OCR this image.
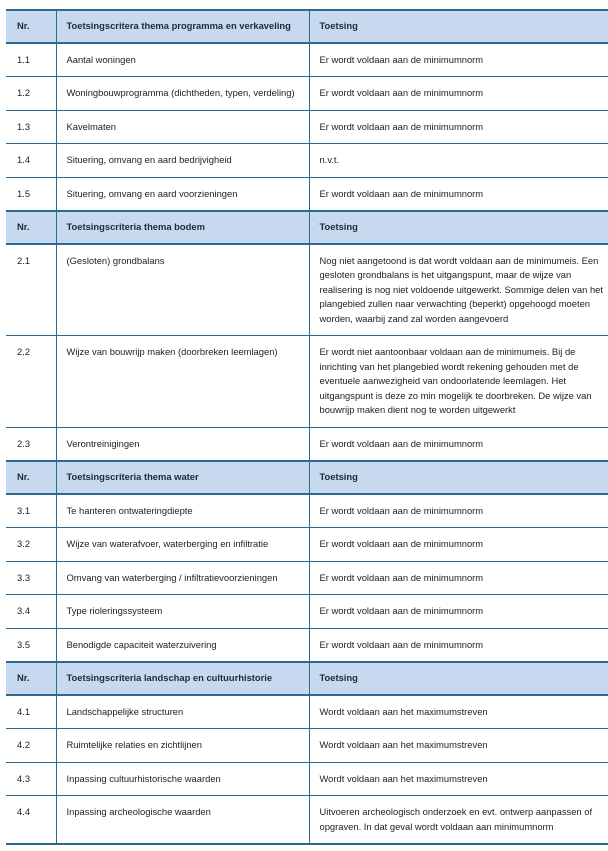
Nr.	Toetsingscritera thema programma en verkaveling	Toetsing
1.1	Aantal woningen	Er wordt voldaan aan de minimumnorm
1.2	Woningbouwprogramma (dichtheden, typen, verdeling)	Er wordt voldaan aan de minimumnorm
1.3	Kavelmaten	Er wordt voldaan aan de minimumnorm
1.4	Situering, omvang en aard bedrijvigheid	n.v.t.
1.5	Situering, omvang en aard voorzieningen	Er wordt voldaan aan de minimumnorm
Nr.	Toetsingscriteria thema bodem	Toetsing
2.1	(Gesloten) grondbalans	Nog niet aangetoond is dat wordt voldaan aan de minimumeis. Een gesloten grondbalans is het uitgangspunt, maar de wijze van realisering is nog niet voldoende uitgewerkt. Sommige delen van het plangebied zullen naar verwachting (beperkt) opgehoogd moeten worden, waarbij zand zal worden aangevoerd
2.2	Wijze van bouwrijp maken (doorbreken leemlagen)	Er wordt niet aantoonbaar voldaan aan de minimumeis. Bij de inrichting van het plangebied wordt rekening gehouden met de eventuele aanwezigheid van ondoorlatende leemlagen. Het uitgangspunt is deze zo min mogelijk te doorbreken. De wijze van bouwrijp maken dient nog te worden uitgewerkt
2.3	Verontreinigingen	Er wordt voldaan aan de minimumnorm
Nr.	Toetsingscriteria thema water	Toetsing
3.1	Te hanteren ontwateringdiepte	Er wordt voldaan aan de minimumnorm
3.2	Wijze van waterafvoer, waterberging en infiltratie	Er wordt voldaan aan de minimumnorm
3.3	Omvang van waterberging / infiltratievoorzieningen	Er wordt voldaan aan de minimumnorm
3.4	Type rioleringssysteem	Er wordt voldaan aan de minimumnorm
3.5	Benodigde capaciteit waterzuivering	Er wordt voldaan aan de minimumnorm
Nr.	Toetsingscriteria landschap en cultuurhistorie	Toetsing
4.1	Landschappelijke structuren	Wordt voldaan aan het maximumstreven
4.2	Ruimtelijke relaties en zichtlijnen	Wordt voldaan aan het maximumstreven
4.3	Inpassing cultuurhistorische waarden	Wordt voldaan aan het maximumstreven
4.4	Inpassing archeologische waarden	Uitvoeren archeologisch onderzoek en evt. ontwerp aanpassen of opgraven. In dat geval wordt voldaan aan minimumnorm
